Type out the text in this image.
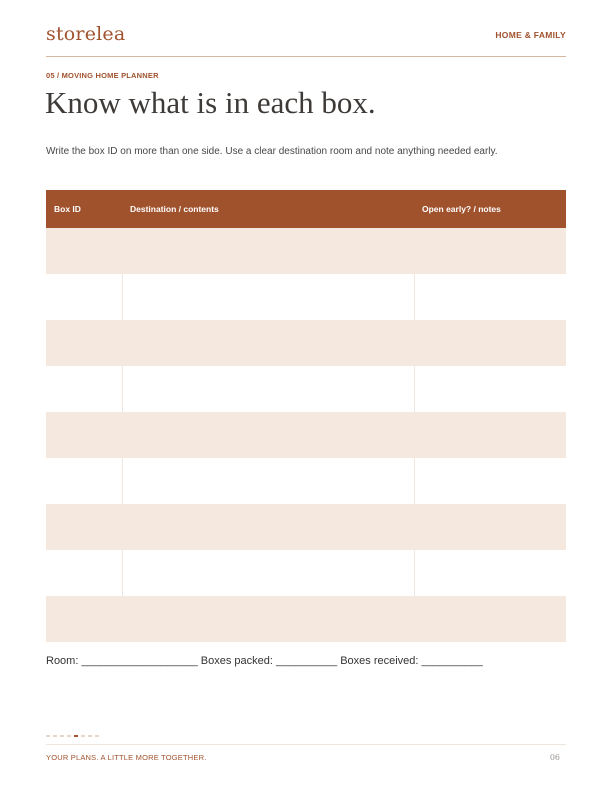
storelea	HOME & FAMILY
05 / MOVING HOME PLANNER
Know what is in each box.
Write the box ID on more than one side. Use a clear destination room and note anything needed early.
Box ID	Destination / contents	Open early? / notes

Room: ___________________ Boxes packed: __________ Boxes received: __________
YOUR PLANS. A LITTLE MORE TOGETHER.	06
